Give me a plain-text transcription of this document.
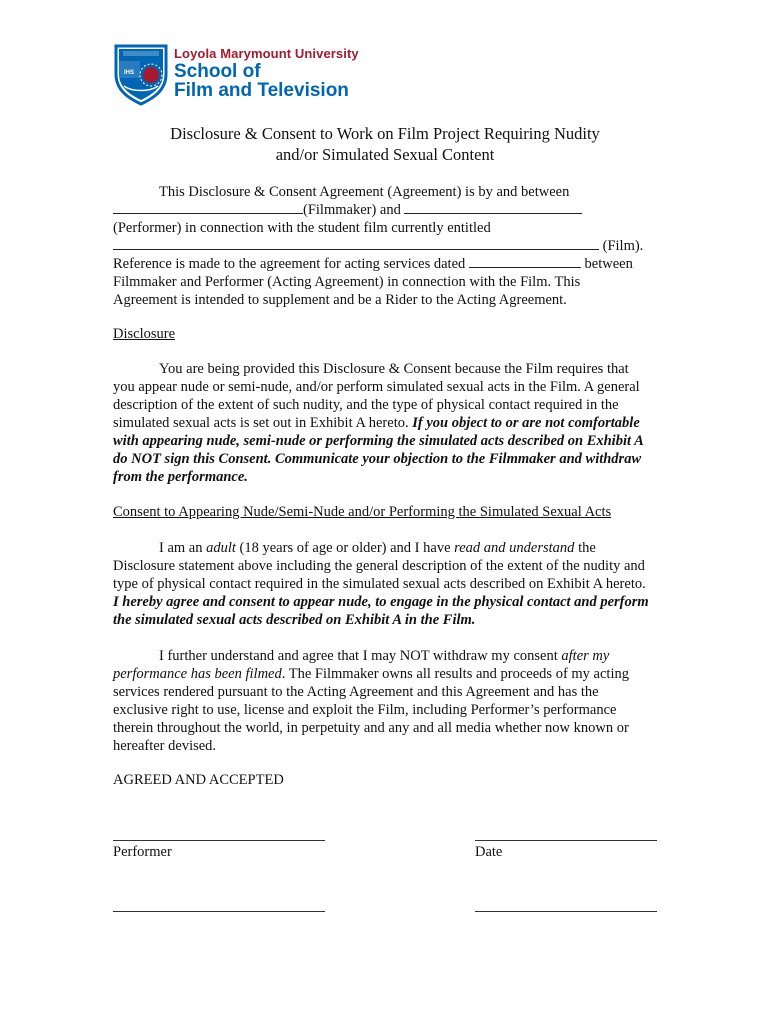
IHS
Loyola Marymount University
School of
Film and Television
Disclosure & Consent to Work on Film Project Requiring Nudity
and/or Simulated Sexual Content
This Disclosure & Consent Agreement (Agreement) is by and between
(Filmmaker) and
(Performer) in connection with the student film currently entitled
(Film).
Reference is made to the agreement for acting services dated	between
Filmmaker and Performer (Acting Agreement) in connection with the Film. This
Agreement is intended to supplement and be a Rider to the Acting Agreement.
Disclosure
You are being provided this Disclosure & Consent because the Film requires that you appear nude or semi-nude, and/or perform simulated sexual acts in the Film. A general description of the extent of such nudity, and the type of physical contact required in the simulated sexual acts is set out in Exhibit A hereto. If you object to or are not comfortable with appearing nude, semi-nude or performing the simulated acts described on Exhibit A do NOT sign this Consent. Communicate your objection to the Filmmaker and withdraw from the performance.
Consent to Appearing Nude/Semi-Nude and/or Performing the Simulated Sexual Acts
I am an adult (18 years of age or older) and I have read and understand the Disclosure statement above including the general description of the extent of the nudity and type of physical contact required in the simulated sexual acts described on Exhibit A hereto. I hereby agree and consent to appear nude, to engage in the physical contact and perform the simulated sexual acts described on Exhibit A in the Film.
I further understand and agree that I may NOT withdraw my consent after my performance has been filmed. The Filmmaker owns all results and proceeds of my acting services rendered pursuant to the Acting Agreement and this Agreement and has the exclusive right to use, license and exploit the Film, including Performer’s performance therein throughout the world, in perpetuity and any and all media whether now known or hereafter devised.
AGREED AND ACCEPTED
Performer	Date
